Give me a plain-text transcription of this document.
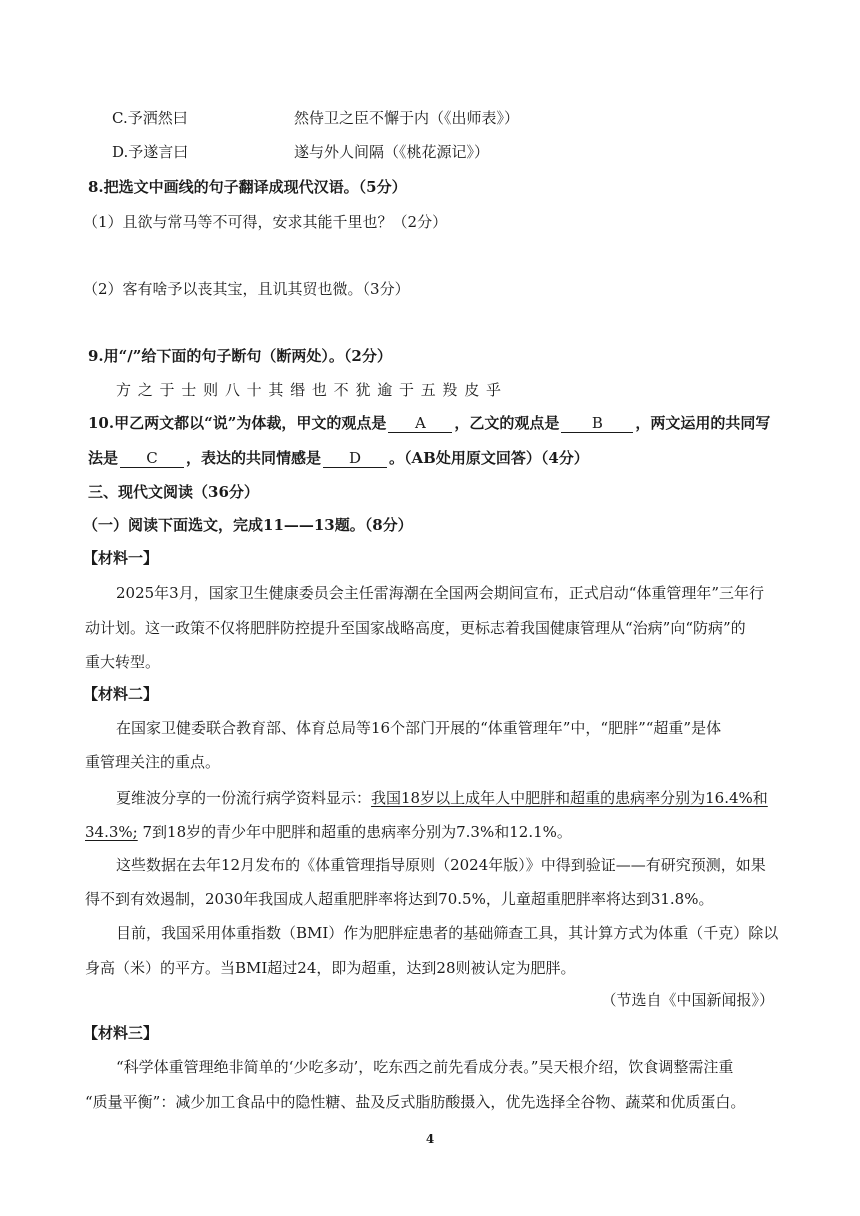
C.予洒然曰	然侍卫之臣不懈于内（《出师表》）
D.予遂言曰	遂与外人间隔（《桃花源记》）
8.把选文中画线的句子翻译成现代汉语。（5分）
（1）且欲与常马等不可得，安求其能千里也？（2分）
（2）客有啥予以丧其宝，且讥其贸也微。（3分）
9.用“/”给下面的句子断句（断两处）。（2分）
方 之 于 士 则 八 十 其 缗 也 不 犹 逾 于 五 羖 皮 乎
10.甲乙两文都以“说”为体裁，甲文的观点是 A ，乙文的观点是 B ，两文运用的共同写
法是 C ，表达的共同情感是 D 。（AB处用原文回答）（4分）
三、现代文阅读（36分）
（一）阅读下面选文，完成11——13题。（8分）
【材料一】
2025年3月，国家卫生健康委员会主任雷海潮在全国两会期间宣布，正式启动“体重管理年”三年行
动计划。这一政策不仅将肥胖防控提升至国家战略高度，更标志着我国健康管理从“治病”向“防病”的
重大转型。
【材料二】
在国家卫健委联合教育部、体育总局等16个部门开展的“体重管理年”中，“肥胖”“超重”是体
重管理关注的重点。
夏维波分享的一份流行病学资料显示：我国18岁以上成年人中肥胖和超重的患病率分别为16.4%和
34.3%; 7到18岁的青少年中肥胖和超重的患病率分别为7.3%和12.1%。
这些数据在去年12月发布的《体重管理指导原则（2024年版）》中得到验证——有研究预测，如果
得不到有效遏制，2030年我国成人超重肥胖率将达到70.5%，儿童超重肥胖率将达到31.8%。
目前，我国采用体重指数（BMI）作为肥胖症患者的基础筛查工具，其计算方式为体重（千克）除以
身高（米）的平方。当BMI超过24，即为超重，达到28则被认定为肥胖。
（节选自《中国新闻报》）
【材料三】
“科学体重管理绝非简单的‘少吃多动’，吃东西之前先看成分表。”吴天根介绍，饮食调整需注重
“质量平衡”：减少加工食品中的隐性糖、盐及反式脂肪酸摄入，优先选择全谷物、蔬菜和优质蛋白。
4
